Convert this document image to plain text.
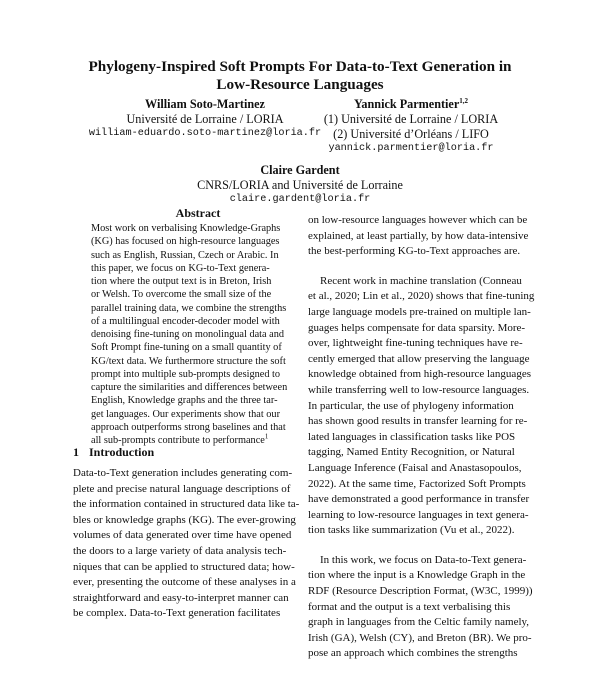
Phylogeny-Inspired Soft Prompts For Data-to-Text Generation in
Low-Resource Languages
William Soto-Martinez
Université de Lorraine / LORIA
william-eduardo.soto-martinez@loria.fr
Yannick Parmentier$^{1,2}$
(1) Université de Lorraine / LORIA
(2) Université d’Orléans / LIFO
yannick.parmentier@loria.fr
Claire Gardent
CNRS/LORIA and Université de Lorraine
claire.gardent@loria.fr
Abstract
Most work on verbalising Knowledge-Graphs
(KG) has focused on high-resource languages
such as English, Russian, Czech or Arabic. In
this paper, we focus on KG-to-Text genera-
tion where the output text is in Breton, Irish
or Welsh. To overcome the small size of the
parallel training data, we combine the strengths
of a multilingual encoder-decoder model with
denoising fine-tuning on monolingual data and
Soft Prompt fine-tuning on a small quantity of
KG/text data. We furthermore structure the soft
prompt into multiple sub-prompts designed to
capture the similarities and differences between
English, Knowledge graphs and the three tar-
get languages. Our experiments show that our
approach outperforms strong baselines and that
all sub-prompts contribute to performance$^1$
1 Introduction
Data-to-Text generation includes generating com-
plete and precise natural language descriptions of
the information contained in structured data like ta-
bles or knowledge graphs (KG). The ever-growing
volumes of data generated over time have opened
the doors to a large variety of data analysis tech-
niques that can be applied to structured data; how-
ever, presenting the outcome of these analyses in a
straightforward and easy-to-interpret manner can
be complex. Data-to-Text generation facilitates
on low-resource languages however which can be
explained, at least partially, by how data-intensive
the best-performing KG-to-Text approaches are.
Recent work in machine translation (Conneau
et al., 2020; Lin et al., 2020) shows that fine-tuning
large language models pre-trained on multiple lan-
guages helps compensate for data sparsity. More-
over, lightweight fine-tuning techniques have re-
cently emerged that allow preserving the language
knowledge obtained from high-resource languages
while transferring well to low-resource languages.
In particular, the use of phylogeny information
has shown good results in transfer learning for re-
lated languages in classification tasks like POS
tagging, Named Entity Recognition, or Natural
Language Inference (Faisal and Anastasopoulos,
2022). At the same time, Factorized Soft Prompts
have demonstrated a good performance in transfer
learning to low-resource languages in text genera-
tion tasks like summarization (Vu et al., 2022).
In this work, we focus on Data-to-Text genera-
tion where the input is a Knowledge Graph in the
RDF (Resource Description Format, (W3C, 1999))
format and the output is a text verbalising this
graph in languages from the Celtic family namely,
Irish (GA), Welsh (CY), and Breton (BR). We pro-
pose an approach which combines the strengths
